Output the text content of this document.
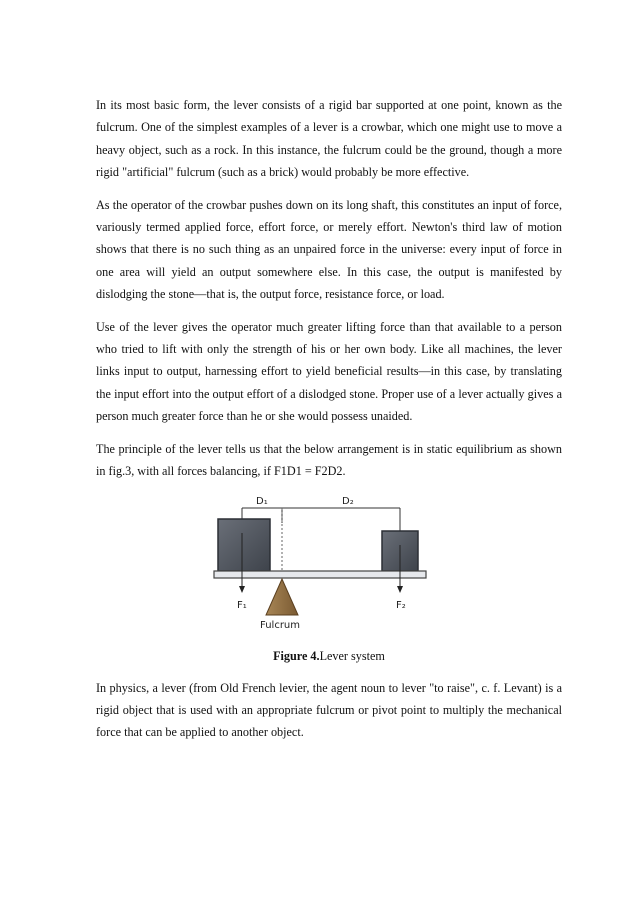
In its most basic form, the lever consists of a rigid bar supported at one point, known as the fulcrum. One of the simplest examples of a lever is a crowbar, which one might use to move a heavy object, such as a rock. In this instance, the fulcrum could be the ground, though a more rigid "artificial" fulcrum (such as a brick) would probably be more effective.

As the operator of the crowbar pushes down on its long shaft, this constitutes an input of force, variously termed applied force, effort force, or merely effort. Newton's third law of motion shows that there is no such thing as an unpaired force in the universe: every input of force in one area will yield an output somewhere else. In this case, the output is manifested by dislodging the stone—that is, the output force, resistance force, or load.

Use of the lever gives the operator much greater lifting force than that available to a person who tried to lift with only the strength of his or her own body. Like all machines, the lever links input to output, harnessing effort to yield beneficial results—in this case, by translating the input effort into the output effort of a dislodged stone. Proper use of a lever actually gives a person much greater force than he or she would possess unaided.

The principle of the lever tells us that the below arrangement is in static equilibrium as shown in fig.3, with all forces balancing, if F1D1 = F2D2.

D₁	D₂
F₁	F₂
Fulcrum
Figure 4.Lever system

In physics, a lever (from Old French levier, the agent noun to lever "to raise", c. f. Levant) is a rigid object that is used with an appropriate fulcrum or pivot point to multiply the mechanical force that can be applied to another object.
